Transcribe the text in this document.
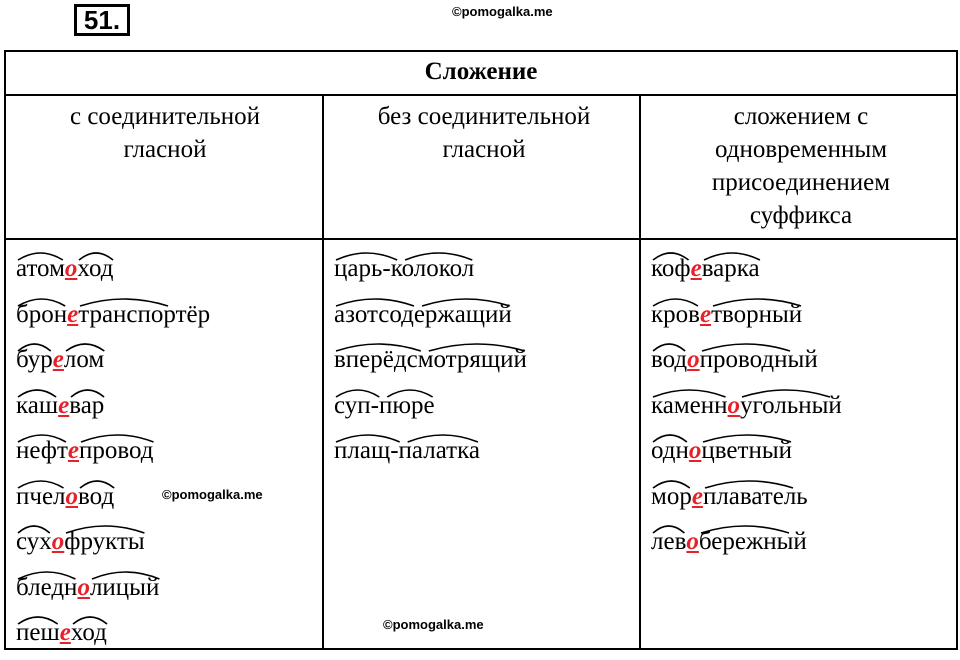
51.	©pomogalka.me
©pomogalka.me
©pomogalka.me
Сложение
с соединительной гласной
без соединительной гласной
сложением с одновременным присоединением суффикса
атомоход
бронетранспортёр
бурелом
кашевар
нефтепровод
пчеловод
сухофрукты
бледнолицый
пешеход
царь-колокол
азотсодержащий
вперёдсмотрящий
суп-пюре
плащ-палатка
кофеварка
кроветворный
водопроводный
каменноугольный
одноцветный
мореплаватель
левобережный
